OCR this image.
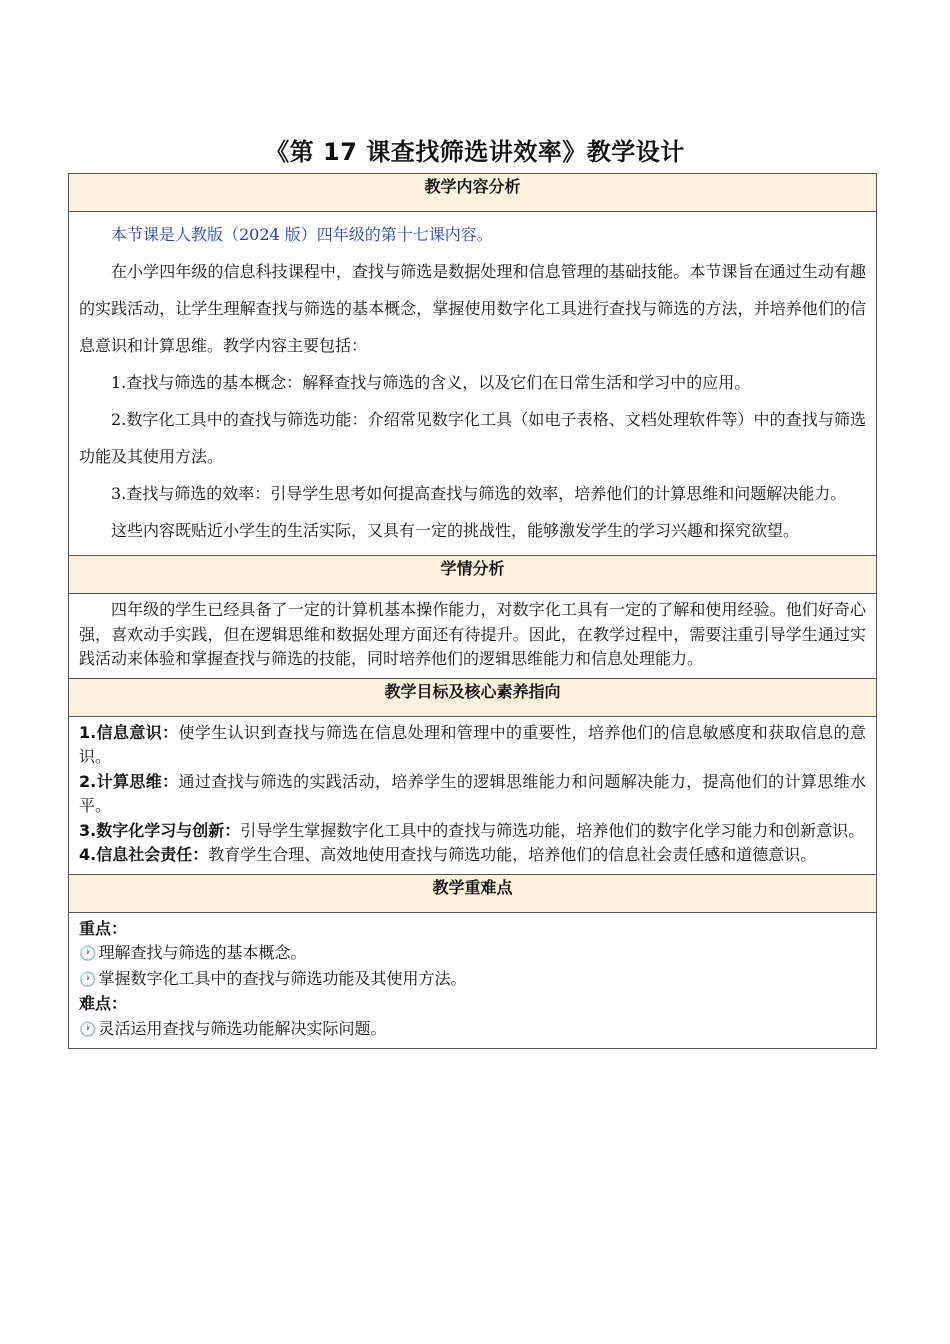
《第 17 课查找筛选讲效率》教学设计
教学内容分析

本节课是人教版（2024 版）四年级的第十七课内容。

在小学四年级的信息科技课程中，查找与筛选是数据处理和信息管理的基础技能。本节课旨在通过生动有趣的实践活动，让学生理解查找与筛选的基本概念，掌握使用数字化工具进行查找与筛选的方法，并培养他们的信息意识和计算思维。教学内容主要包括：

1.查找与筛选的基本概念：解释查找与筛选的含义，以及它们在日常生活和学习中的应用。

2.数字化工具中的查找与筛选功能：介绍常见数字化工具（如电子表格、文档处理软件等）中的查找与筛选功能及其使用方法。

3.查找与筛选的效率：引导学生思考如何提高查找与筛选的效率，培养他们的计算思维和问题解决能力。

这些内容既贴近小学生的生活实际，又具有一定的挑战性，能够激发学生的学习兴趣和探究欲望。

学情分析

四年级的学生已经具备了一定的计算机基本操作能力，对数字化工具有一定的了解和使用经验。他们好奇心强，喜欢动手实践，但在逻辑思维和数据处理方面还有待提升。因此，在教学过程中，需要注重引导学生通过实践活动来体验和掌握查找与筛选的技能，同时培养他们的逻辑思维能力和信息处理能力。

教学目标及核心素养指向

1.信息意识：使学生认识到查找与筛选在信息处理和管理中的重要性，培养他们的信息敏感度和获取信息的意识。

2.计算思维：通过查找与筛选的实践活动，培养学生的逻辑思维能力和问题解决能力，提高他们的计算思维水平。

3.数字化学习与创新：引导学生掌握数字化工具中的查找与筛选功能，培养他们的数字化学习能力和创新意识。

4.信息社会责任：教育学生合理、高效地使用查找与筛选功能，培养他们的信息社会责任感和道德意识。

教学重难点

重点：
🕐 理解查找与筛选的基本概念。
🕐 掌握数字化工具中的查找与筛选功能及其使用方法。
难点：
🕐 灵活运用查找与筛选功能解决实际问题。
